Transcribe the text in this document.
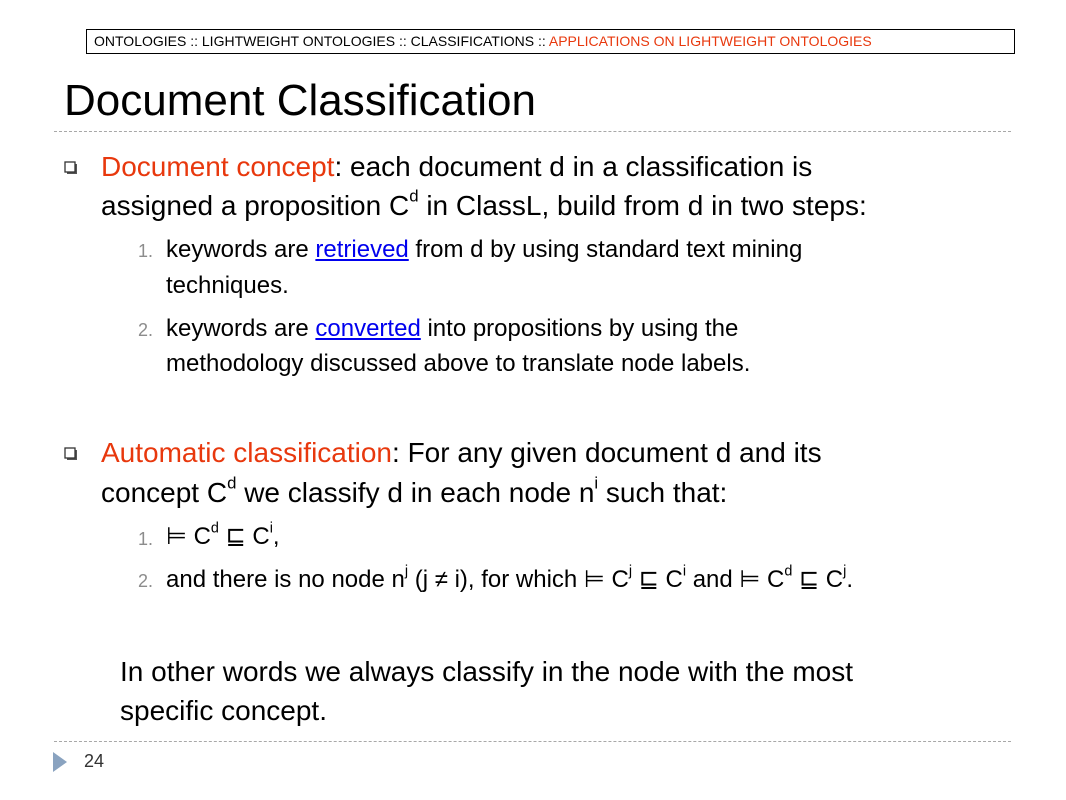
ONTOLOGIES :: LIGHTWEIGHT ONTOLOGIES :: CLASSIFICATIONS :: APPLICATIONS ON LIGHTWEIGHT ONTOLOGIES
Document Classification
Document concept: each document d in a classification is
assigned a proposition $C^d$ in ClassL, build from d in two steps:
1. keywords are retrieved from d by using standard text mining
techniques.
2. keywords are converted into propositions by using the
methodology discussed above to translate node labels.
Automatic classification: For any given document d and its
concept $C^d$ we classify d in each node $n^i$ such that:
1. ⊨ $C^d$ ⊑ $C^i$,
2. and there is no node $n^j$ (j ≠ i), for which ⊨ $C^j$ ⊑ $C^i$ and ⊨ $C^d$ ⊑ $C^j$.
In other words we always classify in the node with the most
specific concept.
24
